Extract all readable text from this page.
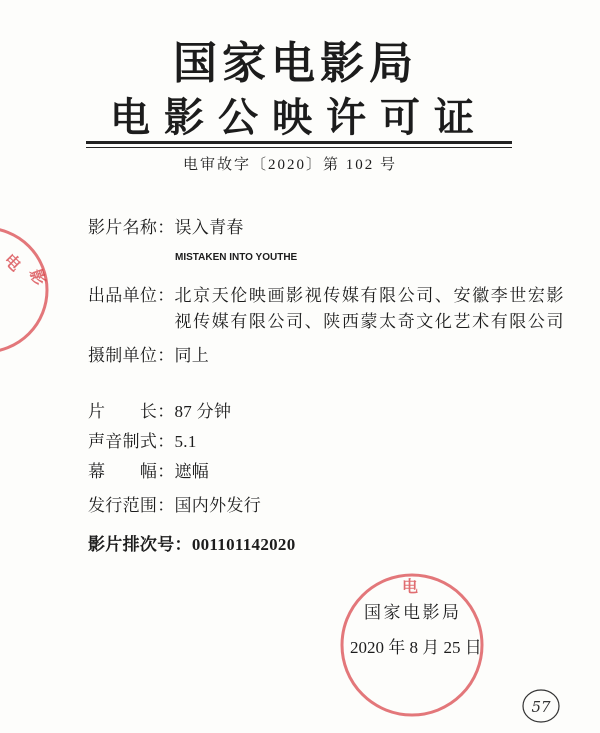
国家电影局
电影公映许可证
电审故字〔2020〕第 102 号
影片名称： 误入青春
MISTAKEN INTO YOUTHE
出品单位： 北京天伦映画影视传媒有限公司、安徽李世宏影视传媒有限公司、陕西蒙太奇文化艺术有限公司
摄制单位： 同上
片　　长： 87 分钟
声音制式： 5.1
幕　　幅： 遮幅
发行范围： 国内外发行
影片排次号： 001101142020
国家电影局
2020 年 8 月 25 日
电
电
影
57
